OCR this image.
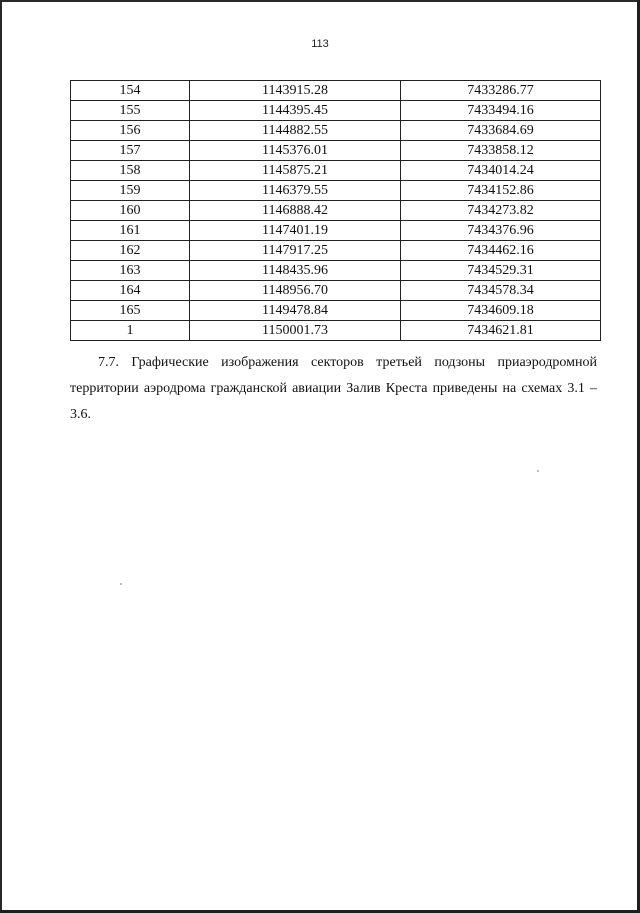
113
154	1143915.28	7433286.77
155	1144395.45	7433494.16
156	1144882.55	7433684.69
157	1145376.01	7433858.12
158	1145875.21	7434014.24
159	1146379.55	7434152.86
160	1146888.42	7434273.82
161	1147401.19	7434376.96
162	1147917.25	7434462.16
163	1148435.96	7434529.31
164	1148956.70	7434578.34
165	1149478.84	7434609.18
1	1150001.73	7434621.81
7.7. Графические изображения секторов третьей подзоны приаэродромной территории аэродрома гражданской авиации Залив Креста приведены на схемах 3.1 – 3.6.
